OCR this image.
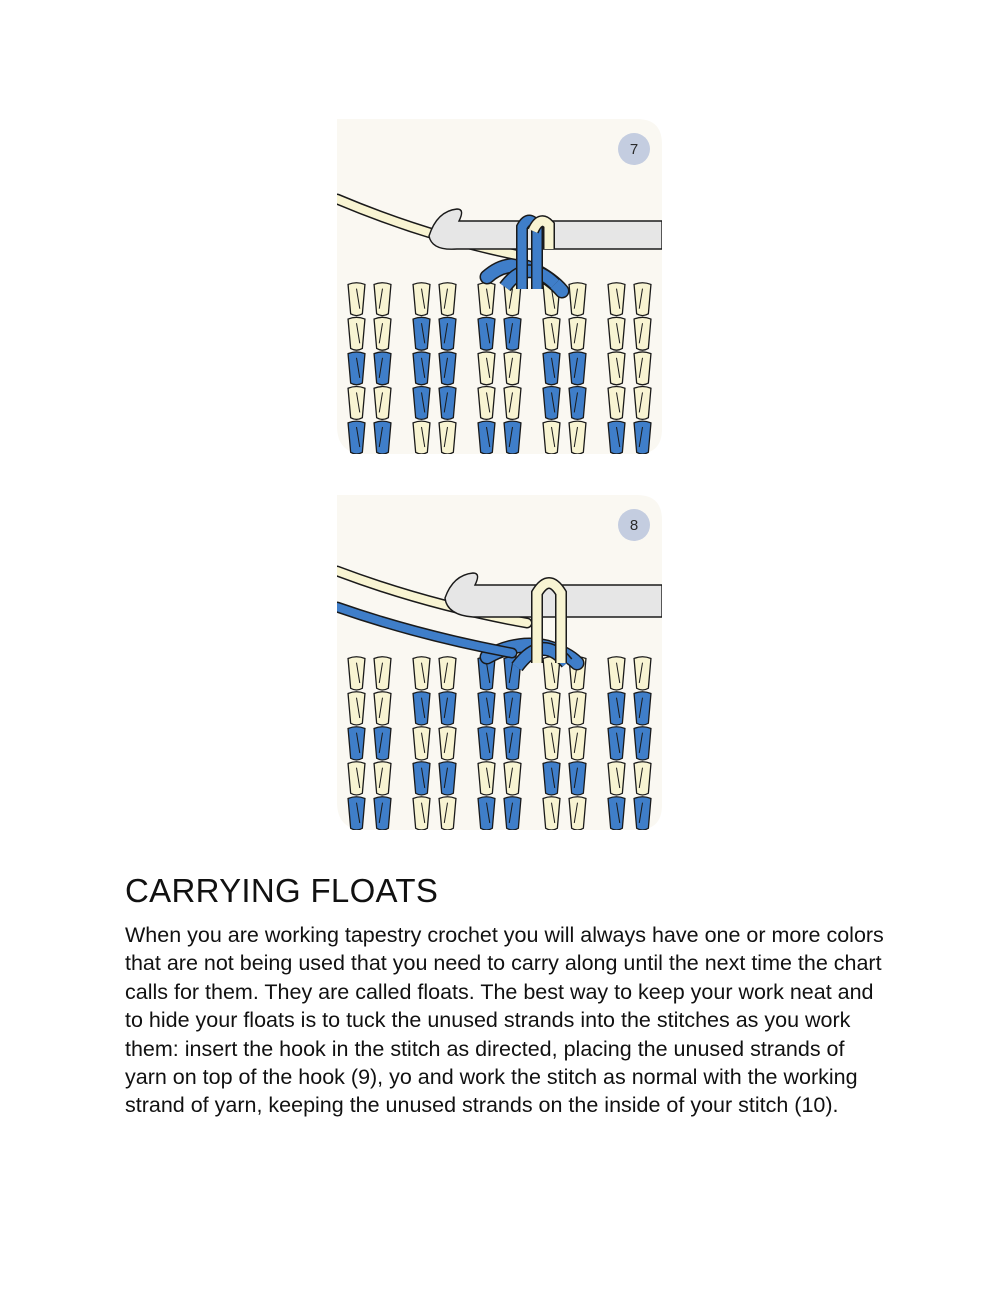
7
8
CARRYING FLOATS

When you are working tapestry crochet you will always have one or more colors that are not being used that you need to carry along until the next time the chart calls for them. They are called floats. The best way to keep your work neat and to hide your floats is to tuck the unused strands into the stitches as you work them: insert the hook in the stitch as directed, placing the unused strands of yarn on top of the hook (9), yo and work the stitch as normal with the working strand of yarn, keeping the unused strands on the inside of your stitch (10).
